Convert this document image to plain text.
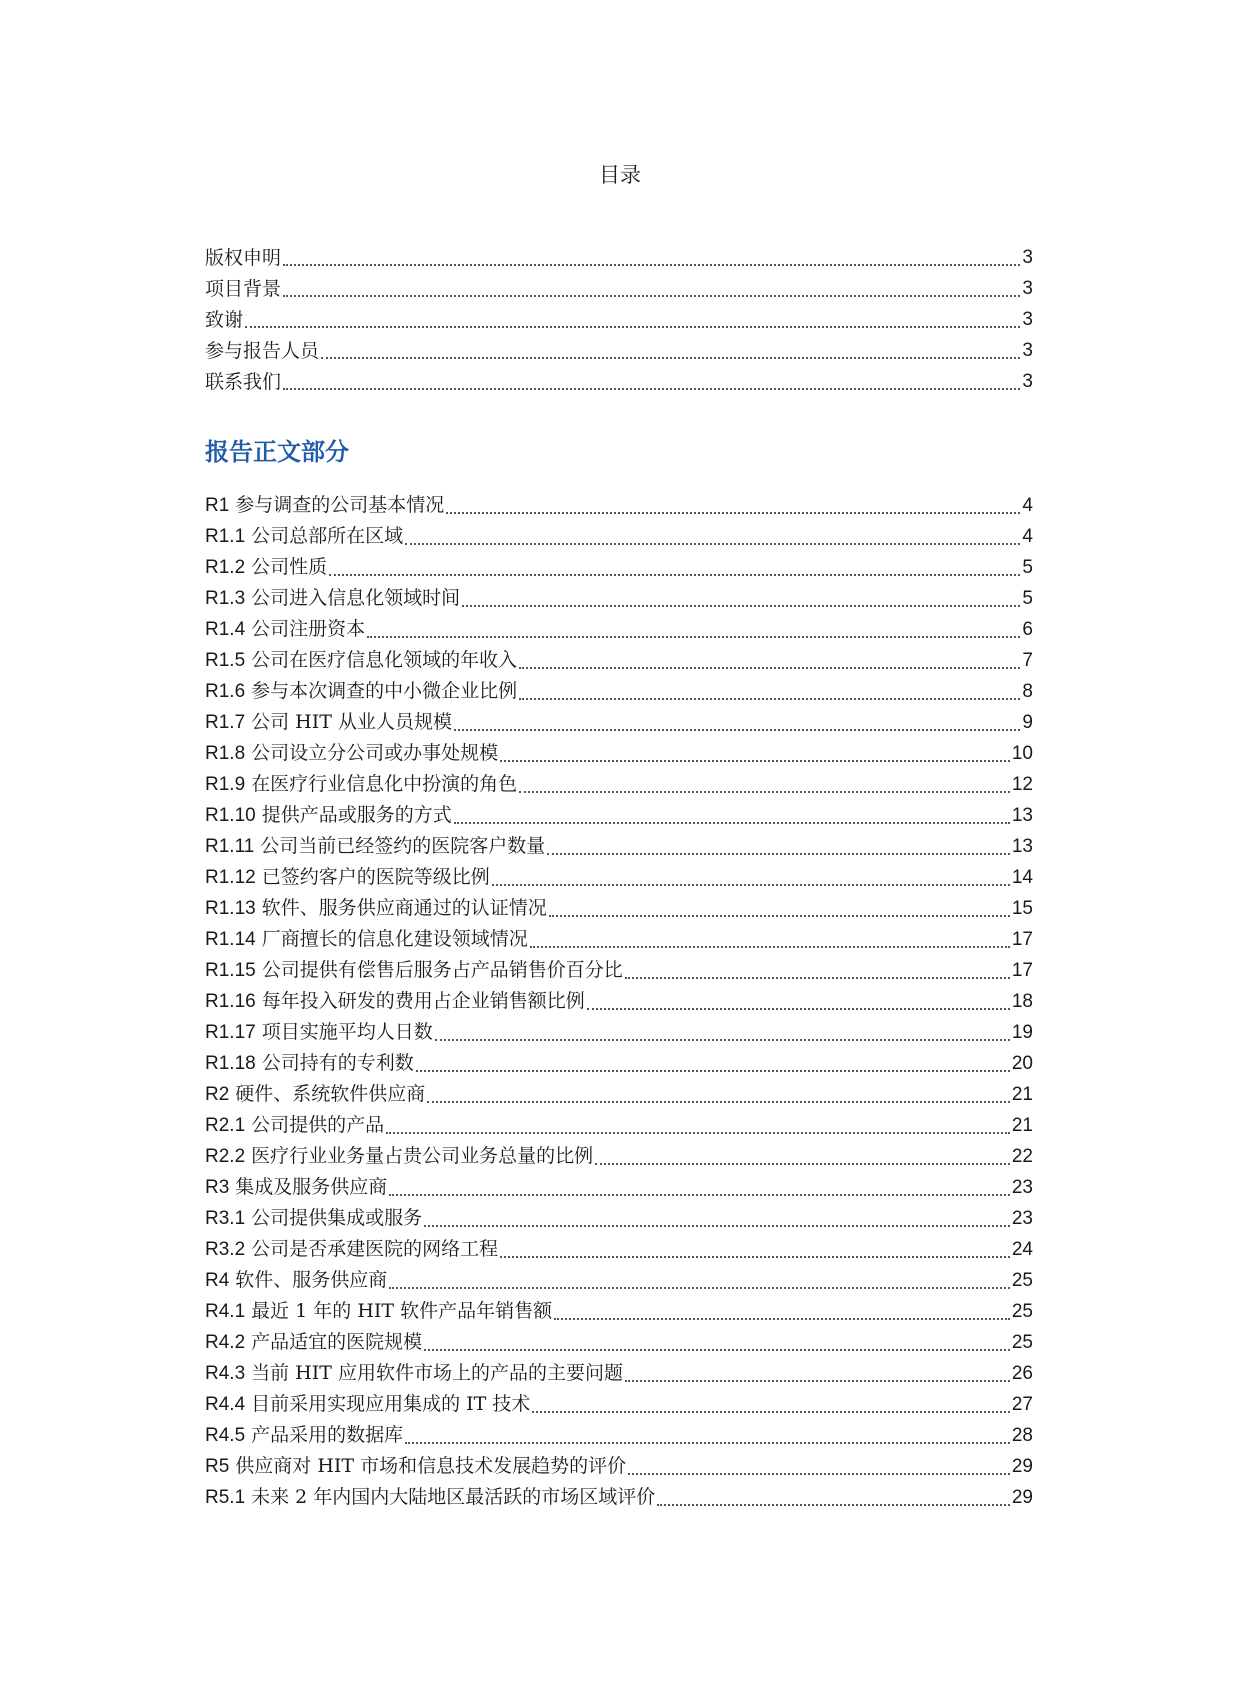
目录
版权申明	3
项目背景	3
致谢	3
参与报告人员	3
联系我们	3
报告正文部分
R1 参与调查的公司基本情况	4
R1.1 公司总部所在区域	4
R1.2 公司性质	5
R1.3 公司进入信息化领域时间	5
R1.4 公司注册资本	6
R1.5 公司在医疗信息化领域的年收入	7
R1.6 参与本次调查的中小微企业比例	8
R1.7 公司 HIT 从业人员规模	9
R1.8 公司设立分公司或办事处规模	10
R1.9 在医疗行业信息化中扮演的角色	12
R1.10 提供产品或服务的方式	13
R1.11 公司当前已经签约的医院客户数量	13
R1.12 已签约客户的医院等级比例	14
R1.13 软件、服务供应商通过的认证情况	15
R1.14 厂商擅长的信息化建设领域情况	17
R1.15 公司提供有偿售后服务占产品销售价百分比	17
R1.16 每年投入研发的费用占企业销售额比例	18
R1.17 项目实施平均人日数	19
R1.18 公司持有的专利数	20
R2 硬件、系统软件供应商	21
R2.1 公司提供的产品	21
R2.2 医疗行业业务量占贵公司业务总量的比例	22
R3 集成及服务供应商	23
R3.1 公司提供集成或服务	23
R3.2 公司是否承建医院的网络工程	24
R4 软件、服务供应商	25
R4.1 最近 1 年的 HIT 软件产品年销售额	25
R4.2 产品适宜的医院规模	25
R4.3 当前 HIT 应用软件市场上的产品的主要问题	26
R4.4 目前采用实现应用集成的 IT 技术	27
R4.5 产品采用的数据库	28
R5 供应商对 HIT 市场和信息技术发展趋势的评价	29
R5.1 未来 2 年内国内大陆地区最活跃的市场区域评价	29
